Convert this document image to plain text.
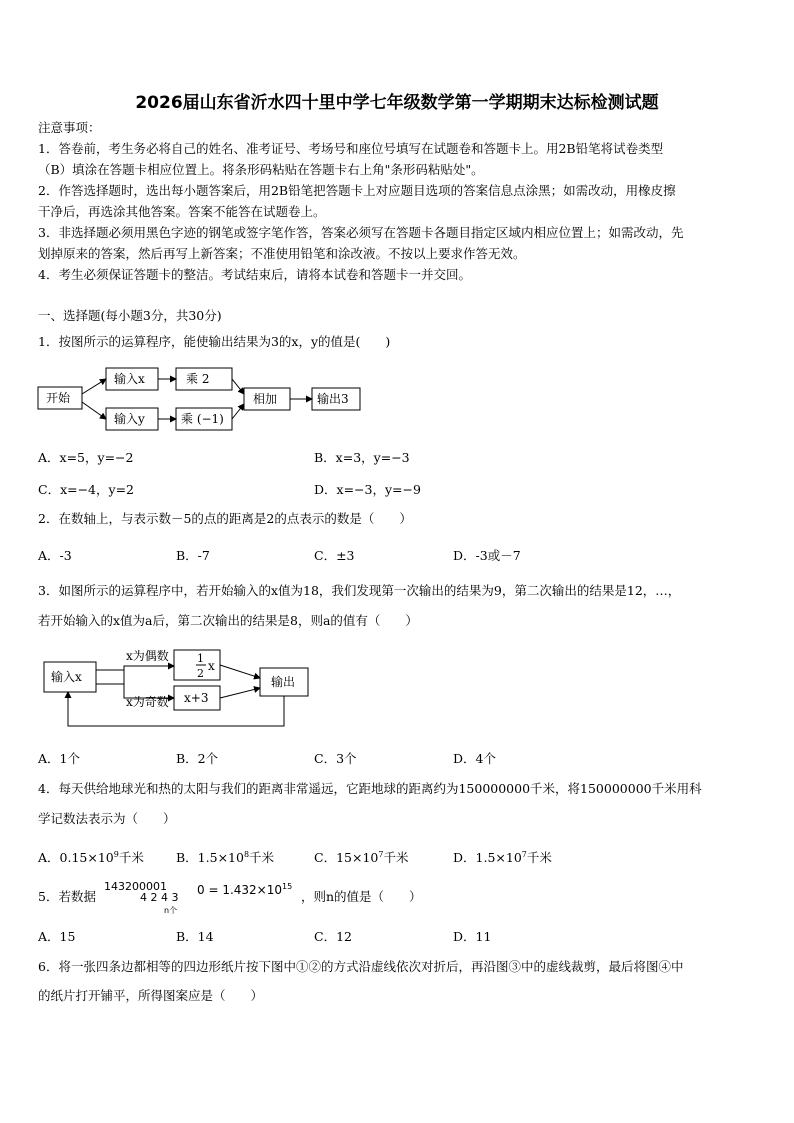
2026届山东省沂水四十里中学七年级数学第一学期期末达标检测试题
注意事项：
1．答卷前，考生务必将自己的姓名、准考证号、考场号和座位号填写在试题卷和答题卡上。用2B铅笔将试卷类型
（B）填涂在答题卡相应位置上。将条形码粘贴在答题卡右上角"条形码粘贴处"。
2．作答选择题时，选出每小题答案后，用2B铅笔把答题卡上对应题目选项的答案信息点涂黑；如需改动，用橡皮擦
干净后，再选涂其他答案。答案不能答在试题卷上。
3．非选择题必须用黑色字迹的钢笔或签字笔作答，答案必须写在答题卡各题目指定区域内相应位置上；如需改动，先
划掉原来的答案，然后再写上新答案；不准使用铅笔和涂改液。不按以上要求作答无效。
4．考生必须保证答题卡的整洁。考试结束后，请将本试卷和答题卡一并交回。
一、选择题(每小题3分，共30分)
1．按图所示的运算程序，能使输出结果为3的x，y的值是(　　)
开始
输入x	乘 2
输入y	乘 (−1)
相加	输出3
A．x=5，y=−2	B．x=3，y=−3
C．x=−4，y=2	D．x=−3，y=−9
2．在数轴上，与表示数－5的点的距离是2的点表示的数是（　　）
A．-3	B．-7	C．±3	D．-3或－7
3．如图所示的运算程序中，若开始输入的x值为18，我们发现第一次输出的结果为9，第二次输出的结果是12，…，
若开始输入的x值为a后，第二次输出的结果是8，则a的值有（　　）
输入x
x为偶数
x为奇数
1
2
x
x+3
输出
A．1个	B．2个	C．3个	D．4个
4．每天供给地球光和热的太阳与我们的距离非常遥远，它距地球的距离约为150000000千米，将150000000千米用科
学记数法表示为（　　）
A．$0.15\times 10^9$千米	B．$1.5\times 10^8$千米	C．$15\times 10^7$千米	D．$1.5\times 10^7$千米
5．若数据
143200001
4 2 4 3
$0 = 1.432\times 10^{15}$
n个
，则n的值是（　　）
A．15	B．14	C．12	D．11
6．将一张四条边都相等的四边形纸片按下图中①②的方式沿虚线依次对折后，再沿图③中的虚线裁剪，最后将图④中
的纸片打开铺平，所得图案应是（　　）
